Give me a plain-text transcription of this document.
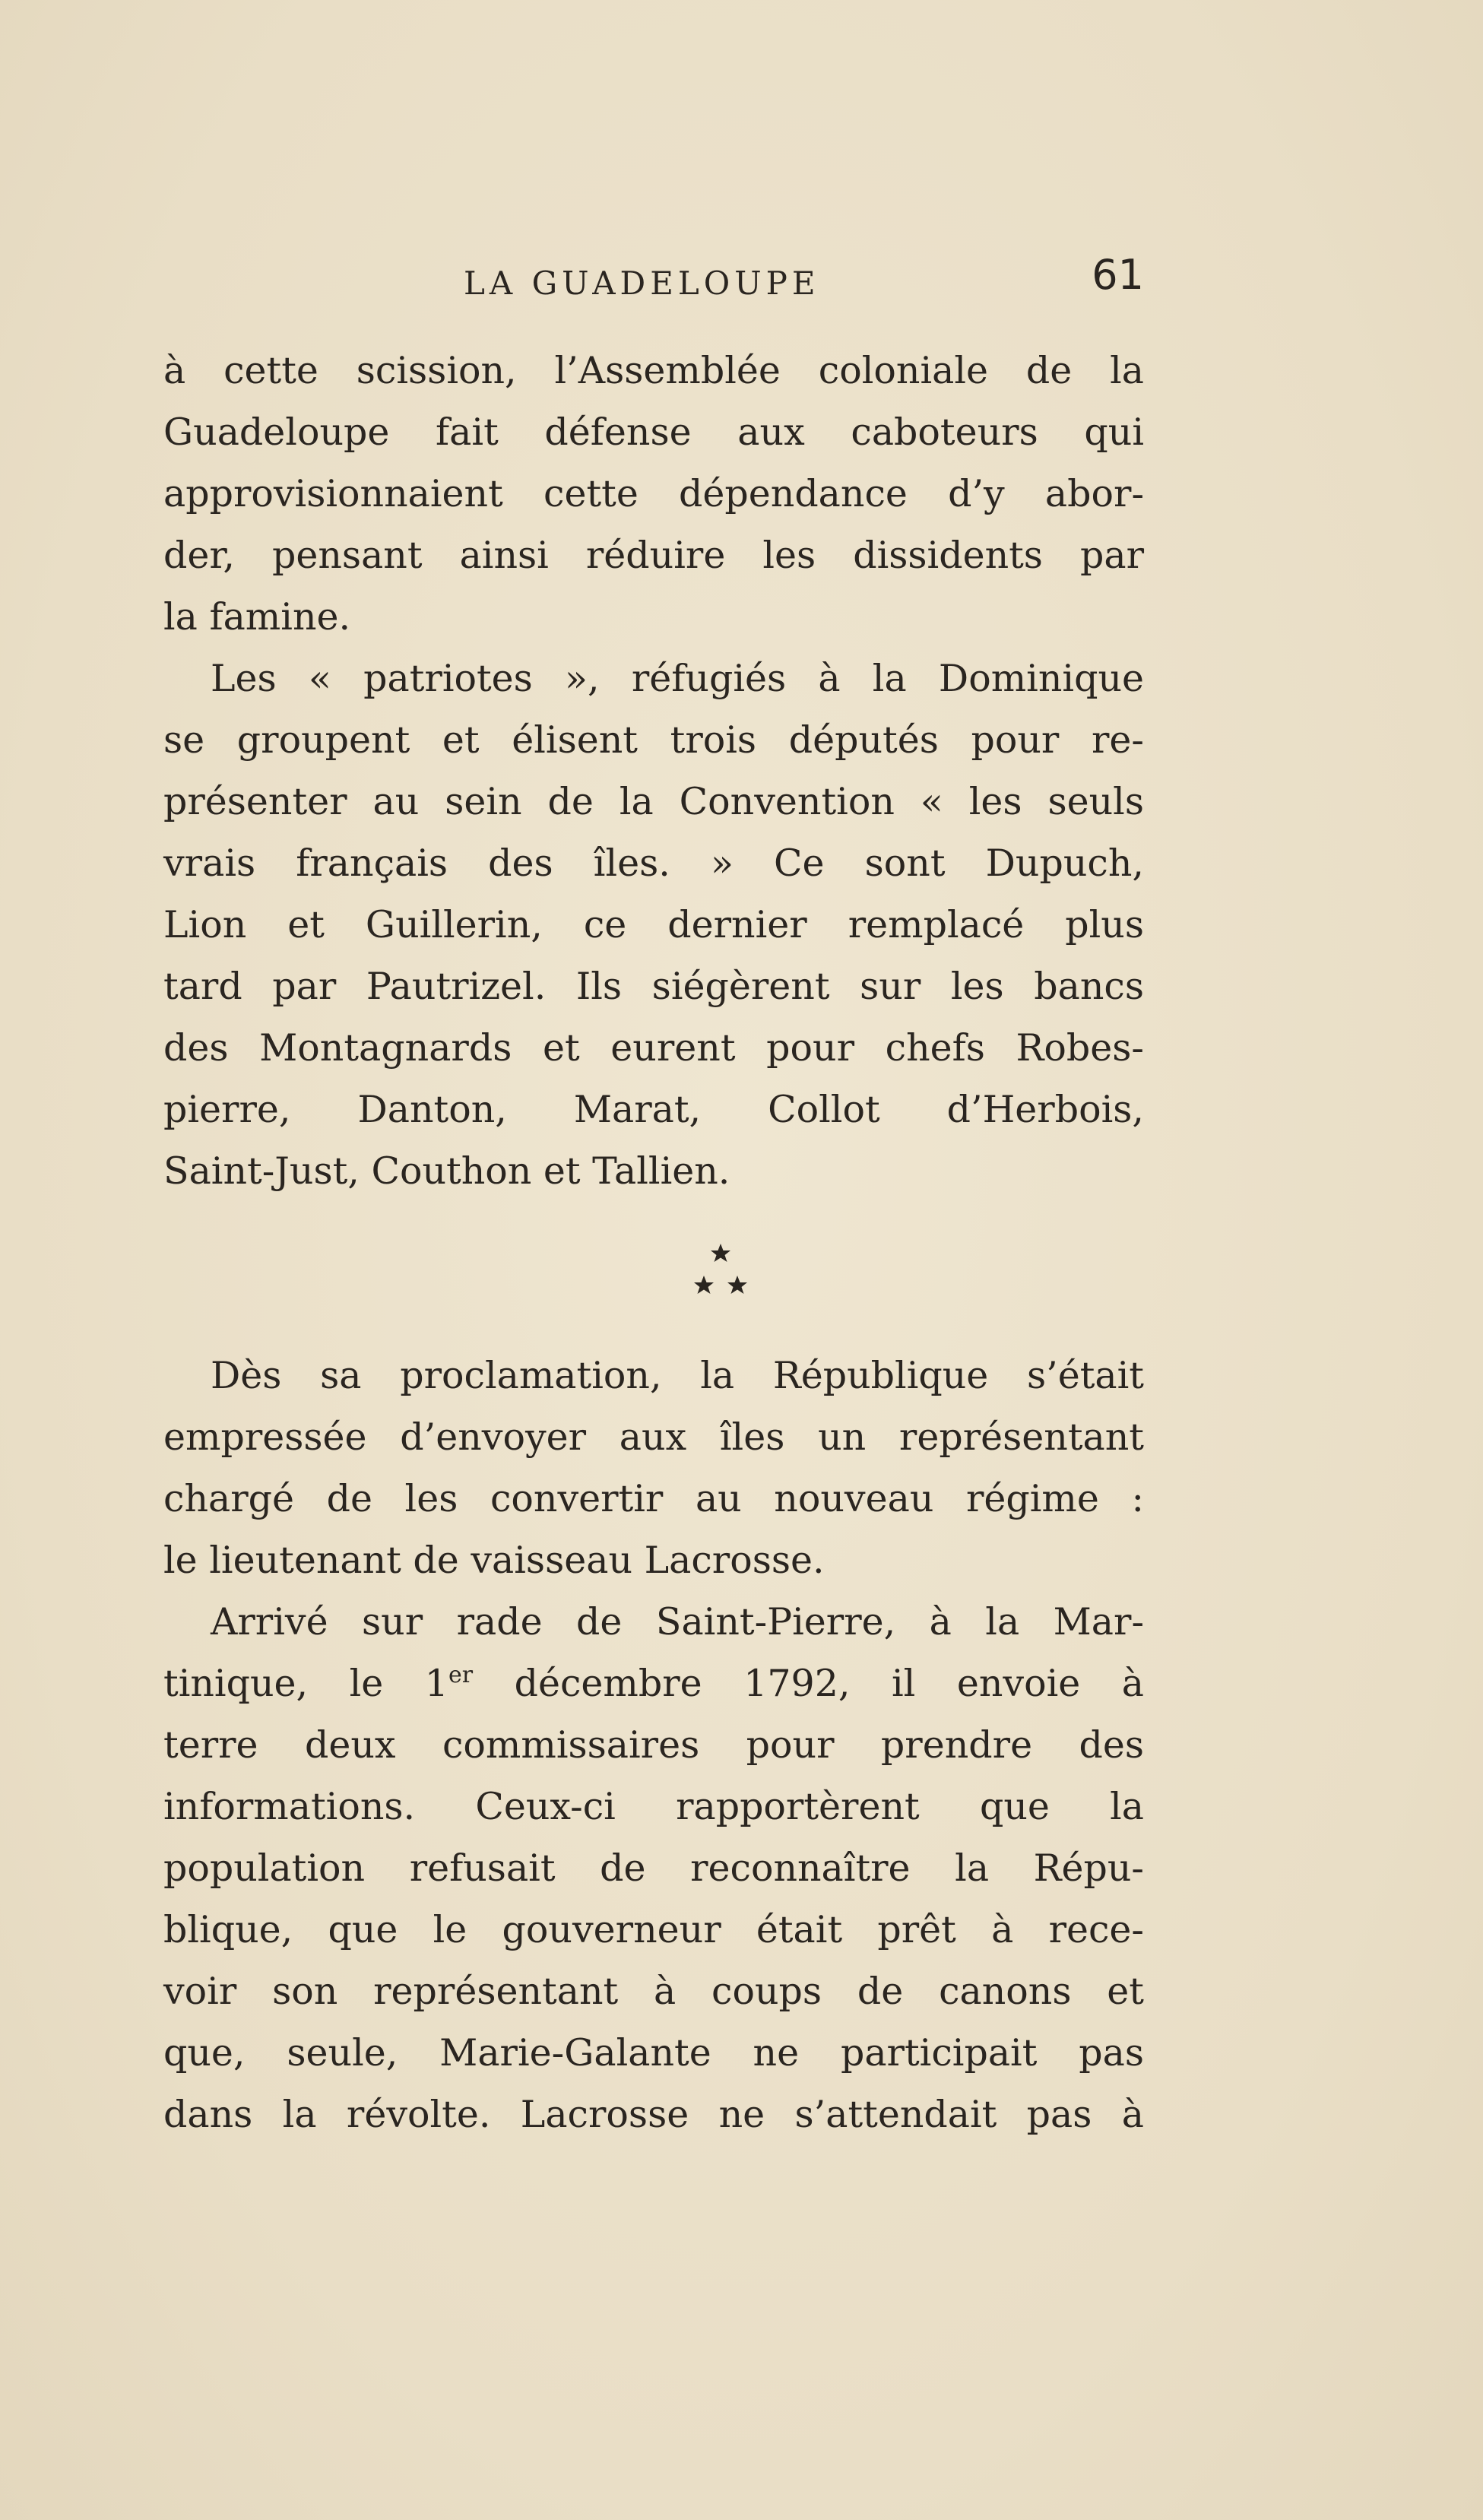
LA GUADELOUPE	61
à cette scission, l’Assemblée coloniale de la
Guadeloupe fait défense aux caboteurs qui
approvisionnaient cette dépendance d’y abor-
der, pensant ainsi réduire les dissidents par
la famine.
Les « patriotes », réfugiés à la Dominique
se groupent et élisent trois députés pour re-
présenter au sein de la Convention « les seuls
vrais français des îles. » Ce sont Dupuch,
Lion et Guillerin, ce dernier remplacé plus
tard par Pautrizel. Ils siégèrent sur les bancs
des Montagnards et eurent pour chefs Robes-
pierre, Danton, Marat, Collot d’Herbois,
Saint-Just, Couthon et Tallien.
Dès sa proclamation, la République s’était
empressée d’envoyer aux îles un représentant
chargé de les convertir au nouveau régime :
le lieutenant de vaisseau Lacrosse.
Arrivé sur rade de Saint-Pierre, à la Mar-
tinique, le 1er décembre 1792, il envoie à
terre deux commissaires pour prendre des
informations. Ceux-ci rapportèrent que la
population refusait de reconnaître la Répu-
blique, que le gouverneur était prêt à rece-
voir son représentant à coups de canons et
que, seule, Marie-Galante ne participait pas
dans la révolte. Lacrosse ne s’attendait pas à
